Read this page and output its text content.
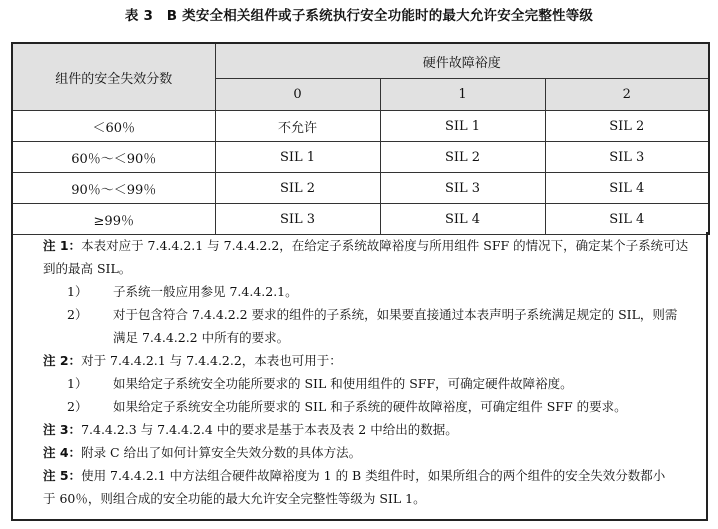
表 3　B 类安全相关组件或子系统执行安全功能时的最大允许安全完整性等级
组件的安全失效分数	硬件故障裕度		
	0	1	2
＜60％	不允许	SIL 1	SIL 2
60％～＜90％	SIL 1	SIL 2	SIL 3
90％～＜99％	SIL 2	SIL 3	SIL 4
≥99％	SIL 3	SIL 4	SIL 4
注 1：本表对应于 7.4.4.2.1 与 7.4.4.2.2，在给定子系统故障裕度与所用组件 SFF 的情况下，确定某个子系统可达
到的最高 SIL。
1）	子系统一般应用参见 7.4.4.2.1。
2）	对于包含符合 7.4.4.2.2 要求的组件的子系统，如果要直接通过本表声明子系统满足规定的 SIL，则需
满足 7.4.4.2.2 中所有的要求。
注 2：对于 7.4.4.2.1 与 7.4.4.2.2，本表也可用于：
1）	如果给定子系统安全功能所要求的 SIL 和使用组件的 SFF，可确定硬件故障裕度。
2）	如果给定子系统安全功能所要求的 SIL 和子系统的硬件故障裕度，可确定组件 SFF 的要求。
注 3：7.4.4.2.3 与 7.4.4.2.4 中的要求是基于本表及表 2 中给出的数据。
注 4：附录 C 给出了如何计算安全失效分数的具体方法。
注 5：使用 7.4.4.2.1 中方法组合硬件故障裕度为 1 的 B 类组件时，如果所组合的两个组件的安全失效分数都小
于 60％，则组合成的安全功能的最大允许安全完整性等级为 SIL 1。
